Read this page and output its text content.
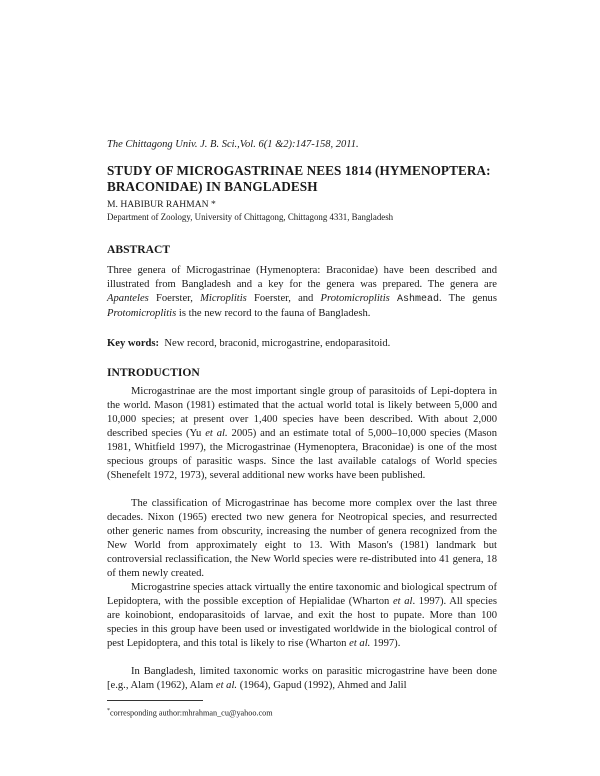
The Chittagong Univ. J. B. Sci.,Vol. 6(1 &2):147-158, 2011.
STUDY OF MICROGASTRINAE NEES 1814 (HYMENOPTERA:
BRACONIDAE) IN BANGLADESH
M. HABIBUR RAHMAN *
Department of Zoology, University of Chittagong, Chittagong 4331, Bangladesh
ABSTRACT
Three genera of Microgastrinae (Hymenoptera: Braconidae) have been described and illustrated from Bangladesh and a key for the genera was prepared. The genera are Apanteles Foerster, Microplitis Foerster, and Protomicroplitis Ashmead. The genus Protomicroplitis is the new record to the fauna of Bangladesh.
Key words: New record, braconid, microgastrine, endoparasitoid.
INTRODUCTION

Microgastrinae are the most important single group of parasitoids of Lepi-doptera in the world. Mason (1981) estimated that the actual world total is likely between 5,000 and 10,000 species; at present over 1,400 species have been described. With about 2,000 described species (Yu et al. 2005) and an estimate total of 5,000–10,000 species (Mason 1981, Whitfield 1997), the Microgastrinae (Hymenoptera, Braconidae) is one of the most specious groups of parasitic wasps. Since the last available catalogs of World species (Shenefelt 1972, 1973), several additional new works have been published.

The classification of Microgastrinae has become more complex over the last three decades. Nixon (1965) erected two new genera for Neotropical species, and resurrected other generic names from obscurity, increasing the number of genera recognized from the New World from approximately eight to 13. With Mason's (1981) landmark but controversial reclassification, the New World species were re-distributed into 41 genera, 18 of them newly created.

Microgastrine species attack virtually the entire taxonomic and biological spectrum of Lepidoptera, with the possible exception of Hepialidae (Wharton et al. 1997). All species are koinobiont, endoparasitoids of larvae, and exit the host to pupate. More than 100 species in this group have been used or investigated worldwide in the biological control of pest Lepidoptera, and this total is likely to rise (Wharton et al. 1997).

In Bangladesh, limited taxonomic works on parasitic microgastrine have been done [e.g., Alam (1962), Alam et al. (1964), Gapud (1992), Ahmed and Jalil

*corresponding author:mhrahman_cu@yahoo.com
